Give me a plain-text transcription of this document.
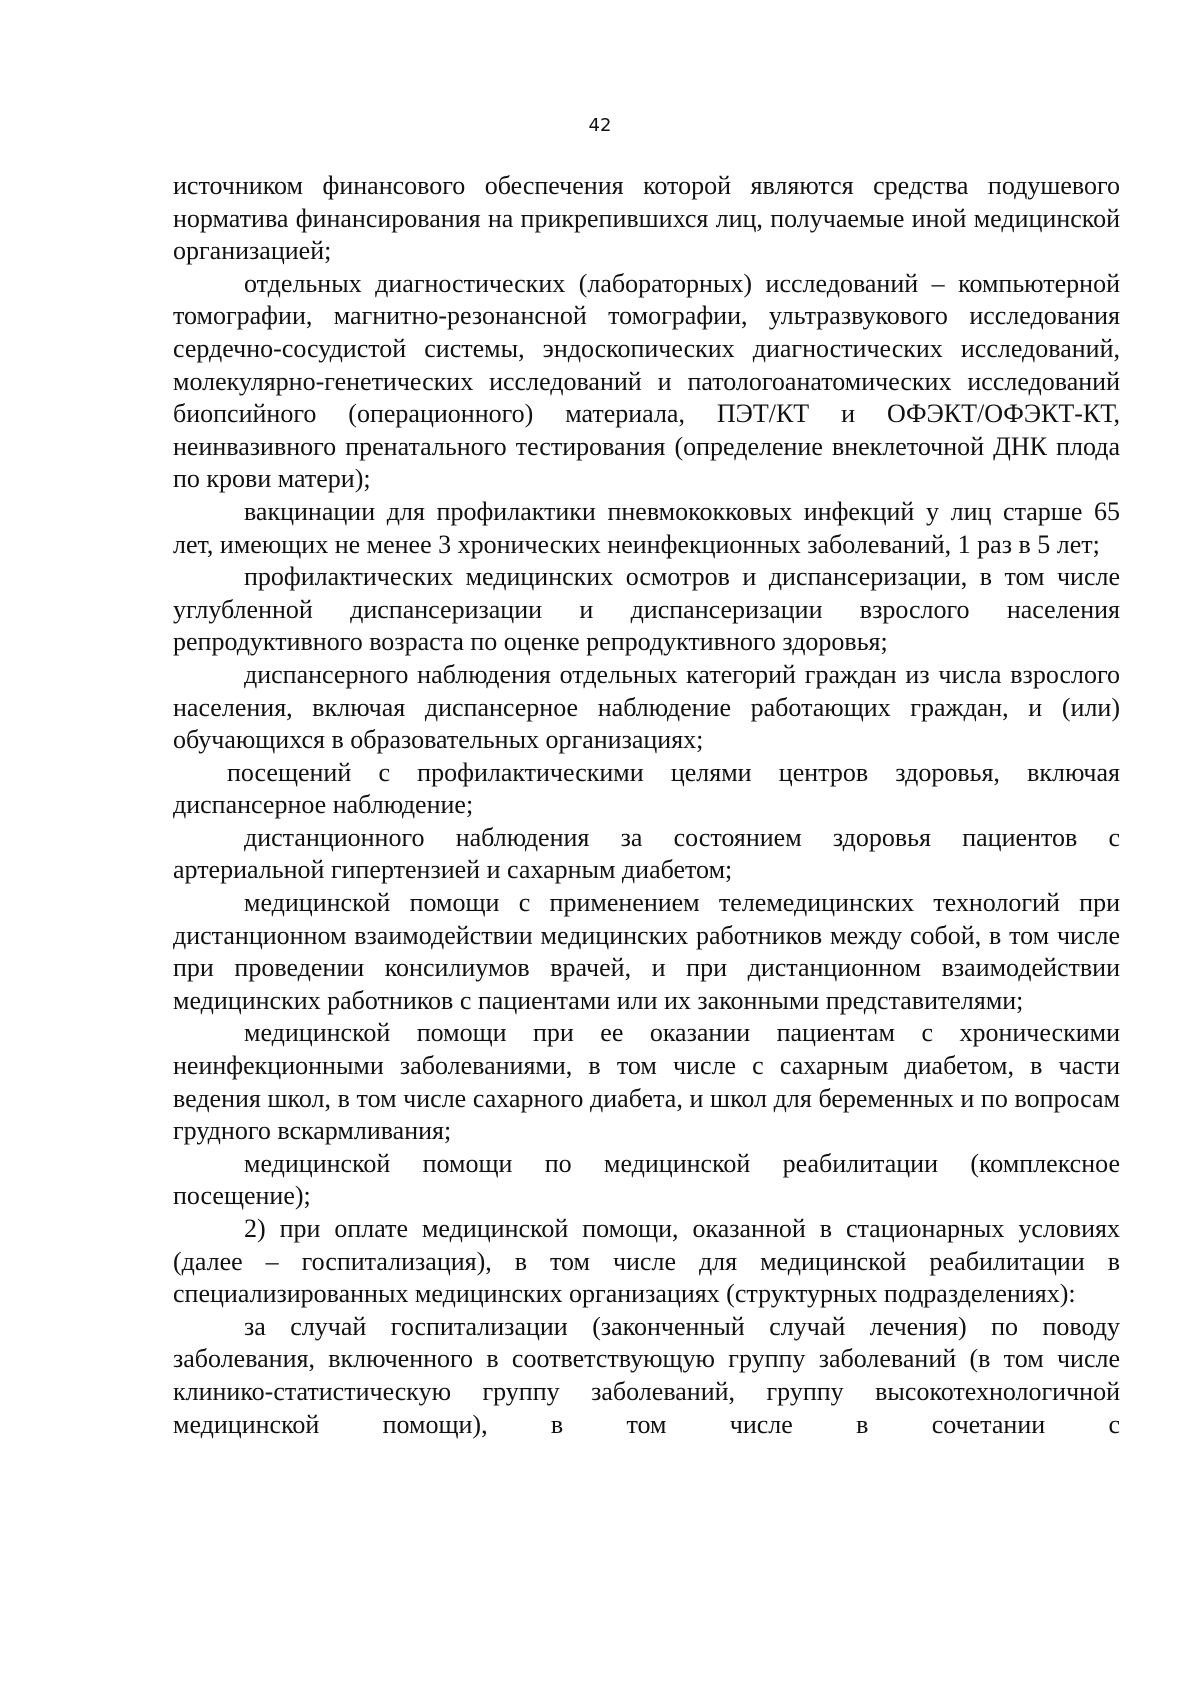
42

источником финансового обеспечения которой являются средства подушевого норматива финансирования на прикрепившихся лиц, получаемые иной медицинской организацией;

отдельных диагностических (лабораторных) исследований – компьютерной томографии, магнитно-резонансной томографии, ультразвукового исследования сердечно-сосудистой системы, эндоскопических диагностических исследований, молекулярно-генетических исследований и патологоанатомических исследований биопсийного (операционного) материала, ПЭТ/КТ и ОФЭКТ/ОФЭКТ-КТ, неинвазивного пренатального тестирования (определение внеклеточной ДНК плода по крови матери);

вакцинации для профилактики пневмококковых инфекций у лиц старше 65 лет, имеющих не менее 3 хронических неинфекционных заболеваний, 1 раз в 5 лет;

профилактических медицинских осмотров и диспансеризации, в том числе углубленной диспансеризации и диспансеризации взрослого населения репродуктивного возраста по оценке репродуктивного здоровья;

диспансерного наблюдения отдельных категорий граждан из числа взрослого населения, включая диспансерное наблюдение работающих граждан, и (или) обучающихся в образовательных организациях;

посещений с профилактическими целями центров здоровья, включая диспансерное наблюдение;

дистанционного наблюдения за состоянием здоровья пациентов с артериальной гипертензией и сахарным диабетом;

медицинской помощи с применением телемедицинских технологий при дистанционном взаимодействии медицинских работников между собой, в том числе при проведении консилиумов врачей, и при дистанционном взаимодействии медицинских работников с пациентами или их законными представителями;

медицинской помощи при ее оказании пациентам с хроническими неинфекционными заболеваниями, в том числе с сахарным диабетом, в части ведения школ, в том числе сахарного диабета, и школ для беременных и по вопросам грудного вскармливания;

медицинской помощи по медицинской реабилитации (комплексное посещение);

2) при оплате медицинской помощи, оказанной в стационарных условиях (далее – госпитализация), в том числе для медицинской реабилитации в специализированных медицинских организациях (структурных подразделениях):

за случай госпитализации (законченный случай лечения) по поводу заболевания, включенного в соответствующую группу заболеваний (в том числе клинико-статистическую группу заболеваний, группу высокотехнологичной медицинской помощи), в том числе в сочетании с
